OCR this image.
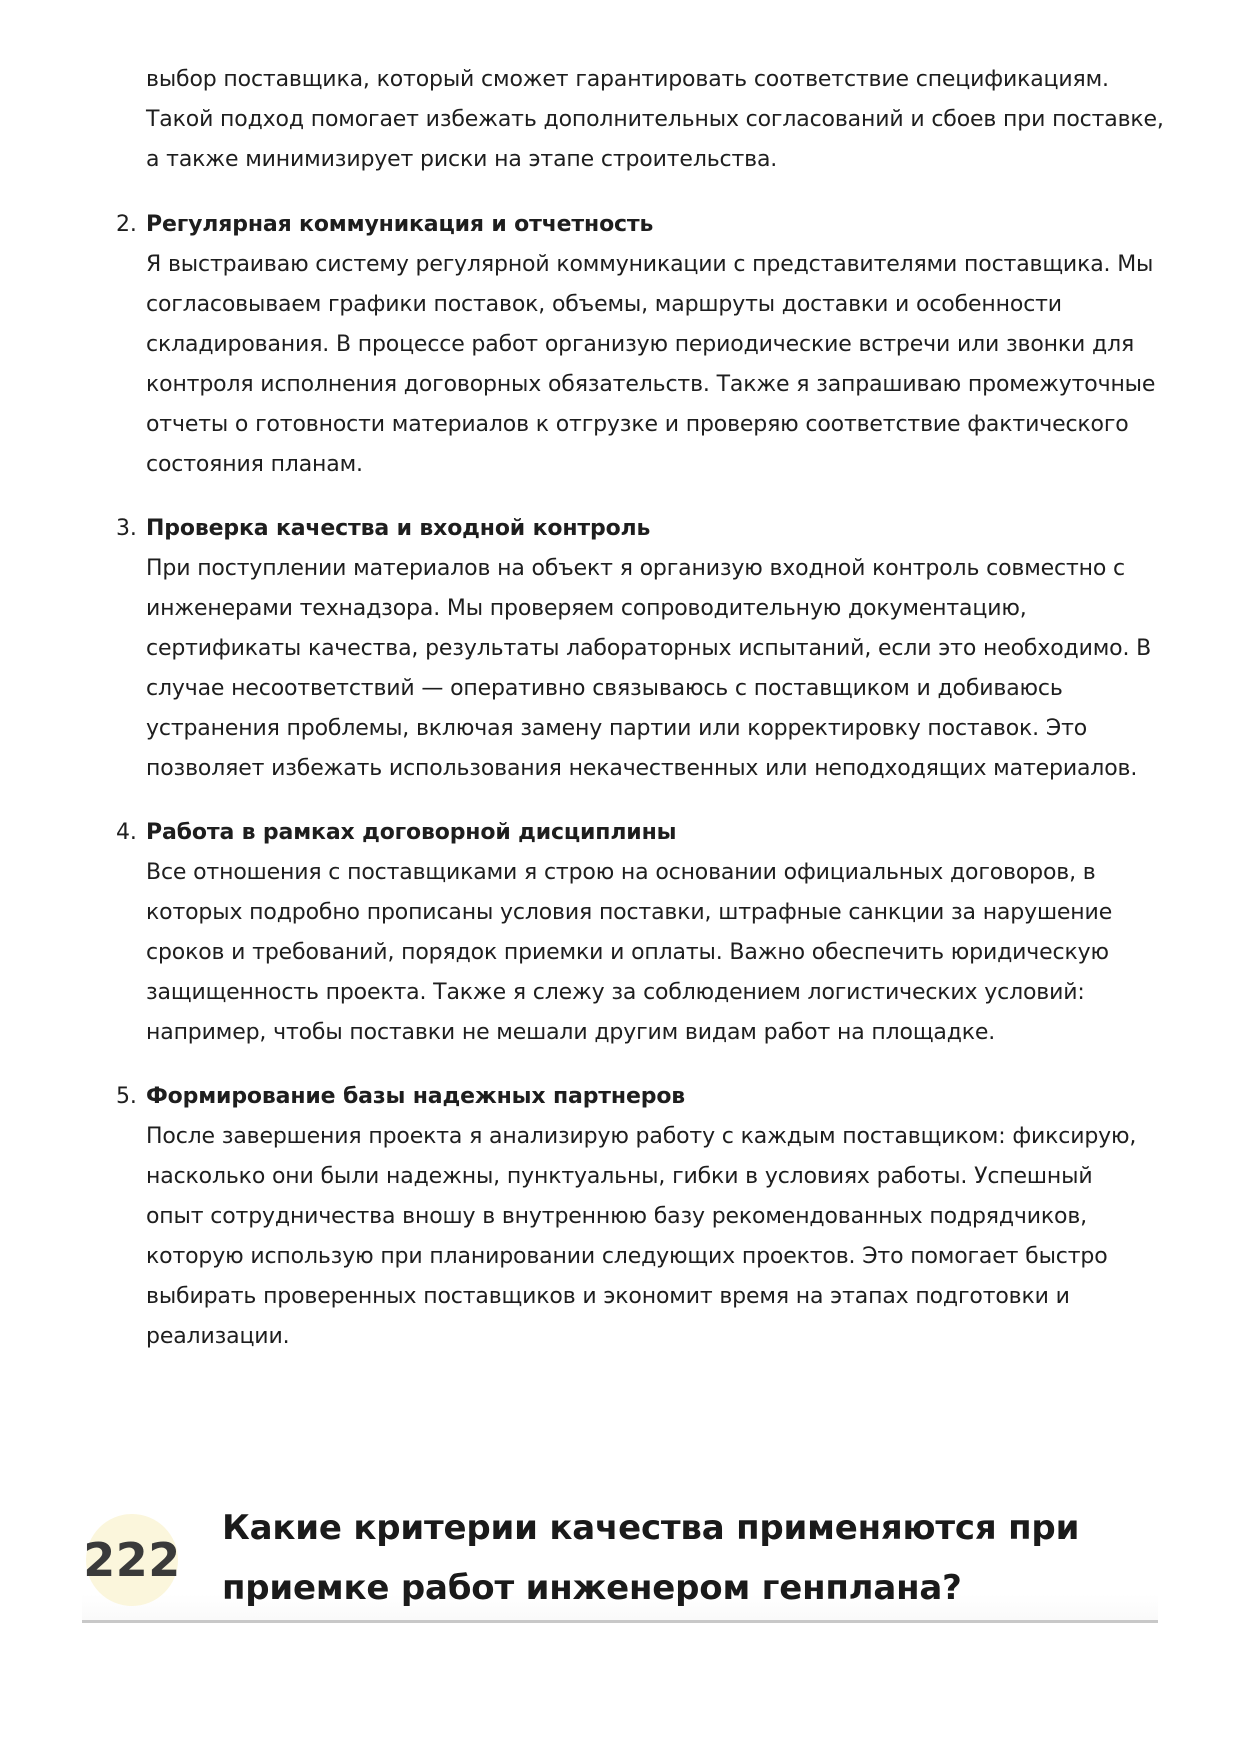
выбор поставщика, который сможет гарантировать соответствие спецификациям. Такой подход помогает избежать дополнительных согласований и сбоев при поставке, а также минимизирует риски на этапе строительства.

2. Регулярная коммуникация и отчетность
Я выстраиваю систему регулярной коммуникации с представителями поставщика. Мы согласовываем графики поставок, объемы, маршруты доставки и особенности складирования. В процессе работ организую периодические встречи или звонки для контроля исполнения договорных обязательств. Также я запрашиваю промежуточные отчеты о готовности материалов к отгрузке и проверяю соответствие фактического состояния планам.
3. Проверка качества и входной контроль
При поступлении материалов на объект я организую входной контроль совместно с инженерами технадзора. Мы проверяем сопроводительную документацию, сертификаты качества, результаты лабораторных испытаний, если это необходимо. В случае несоответствий — оперативно связываюсь с поставщиком и добиваюсь устранения проблемы, включая замену партии или корректировку поставок. Это позволяет избежать использования некачественных или неподходящих материалов.
4. Работа в рамках договорной дисциплины
Все отношения с поставщиками я строю на основании официальных договоров, в которых подробно прописаны условия поставки, штрафные санкции за нарушение сроков и требований, порядок приемки и оплаты. Важно обеспечить юридическую защищенность проекта. Также я слежу за соблюдением логистических условий: например, чтобы поставки не мешали другим видам работ на площадке.
5. Формирование базы надежных партнеров
После завершения проекта я анализирую работу с каждым поставщиком: фиксирую, насколько они были надежны, пунктуальны, гибки в условиях работы. Успешный опыт сотрудничества вношу в внутреннюю базу рекомендованных подрядчиков, которую использую при планировании следующих проектов. Это помогает быстро выбирать проверенных поставщиков и экономит время на этапах подготовки и реализации.
222
Какие критерии качества применяются при приемке работ инженером генплана?
